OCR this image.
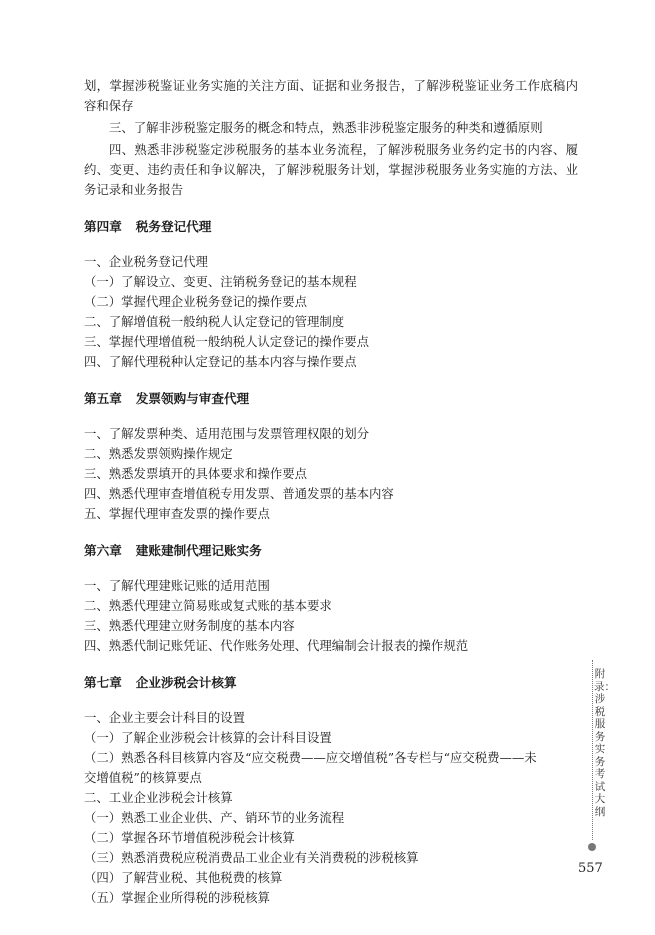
划，掌握涉税鉴证业务实施的关注方面、证据和业务报告，了解涉税鉴证业务工作底稿内容和保存

三、了解非涉税鉴定服务的概念和特点，熟悉非涉税鉴定服务的种类和遵循原则

四、熟悉非涉税鉴定涉税服务的基本业务流程，了解涉税服务业务约定书的内容、履约、变更、违约责任和争议解决，了解涉税服务计划，掌握涉税服务业务实施的方法、业务记录和业务报告

第四章 税务登记代理

一、企业税务登记代理

（一）了解设立、变更、注销税务登记的基本规程

（二）掌握代理企业税务登记的操作要点

二、了解增值税一般纳税人认定登记的管理制度

三、掌握代理增值税一般纳税人认定登记的操作要点

四、了解代理税种认定登记的基本内容与操作要点

第五章 发票领购与审查代理

一、了解发票种类、适用范围与发票管理权限的划分

二、熟悉发票领购操作规定

三、熟悉发票填开的具体要求和操作要点

四、熟悉代理审查增值税专用发票、普通发票的基本内容

五、掌握代理审查发票的操作要点

第六章 建账建制代理记账实务

一、了解代理建账记账的适用范围

二、熟悉代理建立简易账或复式账的基本要求

三、熟悉代理建立财务制度的基本内容

四、熟悉代制记账凭证、代作账务处理、代理编制会计报表的操作规范

第七章 企业涉税会计核算

一、企业主要会计科目的设置

（一）了解企业涉税会计核算的会计科目设置

（二）熟悉各科目核算内容及“应交税费——应交增值税”各专栏与“应交税费——未

交增值税”的核算要点

二、工业企业涉税会计核算

（一）熟悉工业企业供、产、销环节的业务流程

（二）掌握各环节增值税涉税会计核算

（三）熟悉消费税应税消费品工业企业有关消费税的涉税核算

（四）了解营业税、其他税费的核算

（五）掌握企业所得税的涉税核算

附录：涉税服务实务考试大纲
557
